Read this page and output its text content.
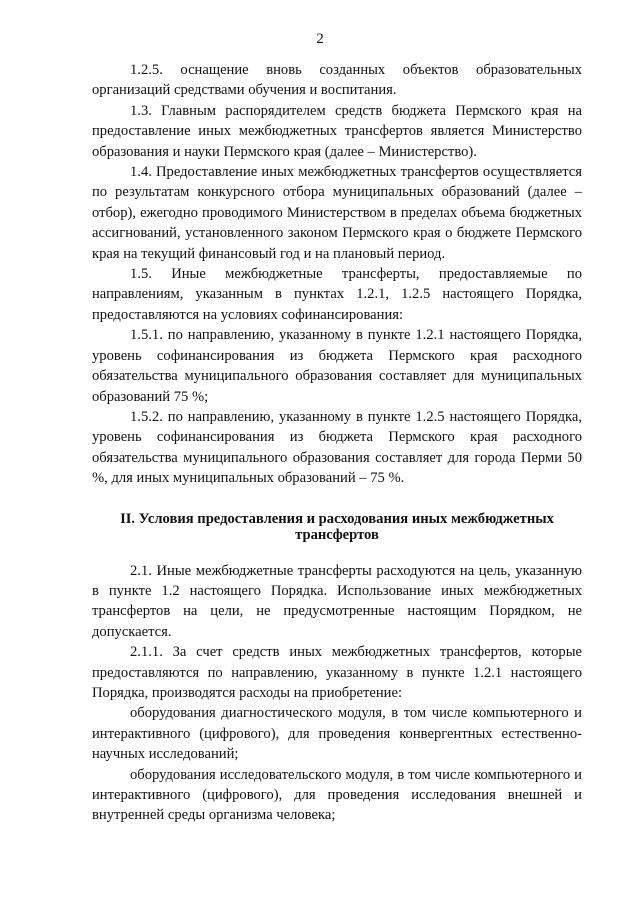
2

1.2.5. оснащение вновь созданных объектов образовательных организаций средствами обучения и воспитания.

1.3. Главным распорядителем средств бюджета Пермского края на предоставление иных межбюджетных трансфертов является Министерство образования и науки Пермского края (далее – Министерство).

1.4. Предоставление иных межбюджетных трансфертов осуществляется по результатам конкурсного отбора муниципальных образований (далее – отбор), ежегодно проводимого Министерством в пределах объема бюджетных ассигнований, установленного законом Пермского края о бюджете Пермского края на текущий финансовый год и на плановый период.

1.5. Иные межбюджетные трансферты, предоставляемые по направлениям, указанным в пунктах 1.2.1, 1.2.5 настоящего Порядка, предоставляются на условиях софинансирования:

1.5.1. по направлению, указанному в пункте 1.2.1 настоящего Порядка, уровень софинансирования из бюджета Пермского края расходного обязательства муниципального образования составляет для муниципальных образований 75 %;

1.5.2. по направлению, указанному в пункте 1.2.5 настоящего Порядка, уровень софинансирования из бюджета Пермского края расходного обязательства муниципального образования составляет для города Перми 50 %, для иных муниципальных образований – 75 %.

II. Условия предоставления и расходования иных межбюджетных трансфертов

2.1. Иные межбюджетные трансферты расходуются на цель, указанную в пункте 1.2 настоящего Порядка. Использование иных межбюджетных трансфертов на цели, не предусмотренные настоящим Порядком, не допускается.

2.1.1. За счет средств иных межбюджетных трансфертов, которые предоставляются по направлению, указанному в пункте 1.2.1 настоящего Порядка, производятся расходы на приобретение:

оборудования диагностического модуля, в том числе компьютерного и интерактивного (цифрового), для проведения конвергентных естественно-научных исследований;

оборудования исследовательского модуля, в том числе компьютерного и интерактивного (цифрового), для проведения исследования внешней и внутренней среды организма человека;
